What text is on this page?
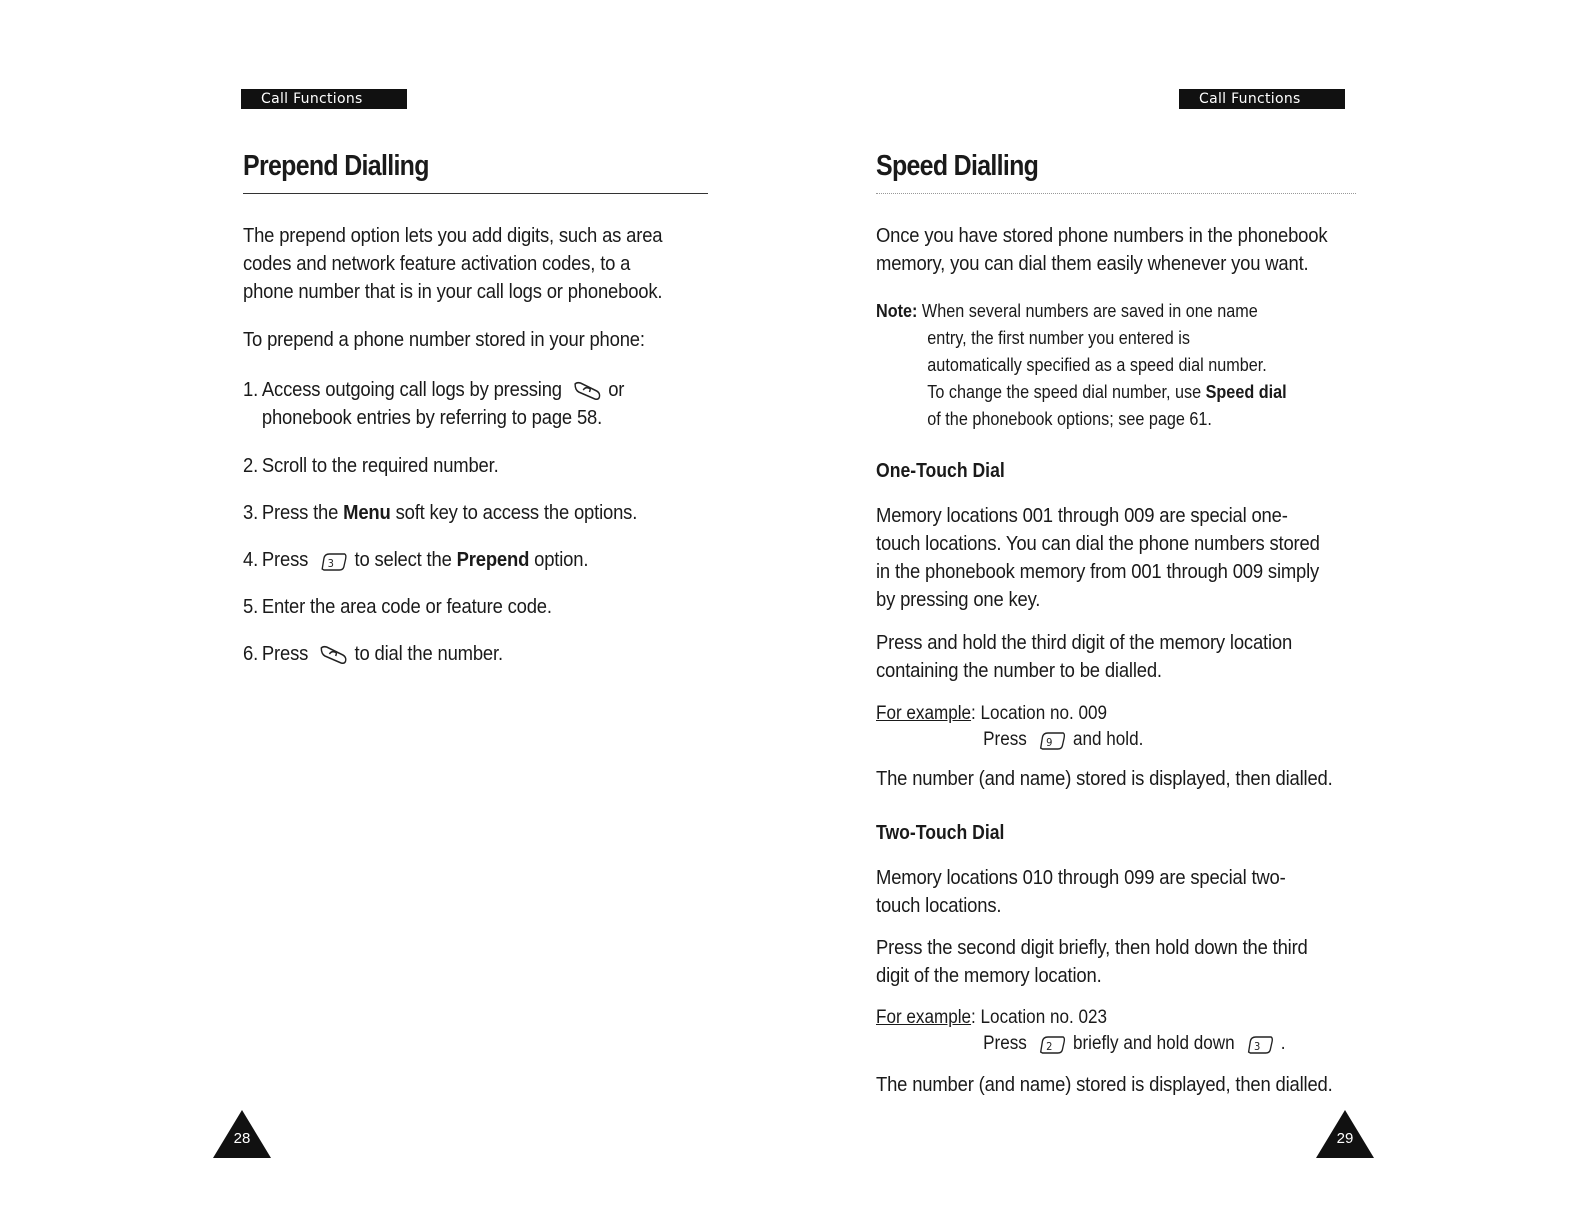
Call Functions
Prepend Dialling

The prepend option lets you add digits, such as area

codes and network feature activation codes, to a

phone number that is in your call logs or phonebook.

To prepend a phone number stored in your phone:
1. Access outgoing call logs by pressing or
phonebook entries by referring to page 58.
2. Scroll to the required number.
3. Press the Menu soft key to access the options.
4. Press 3 to select the Prepend option.
5. Enter the area code or feature code.
6. Press to dial the number.
28
Call Functions
Speed Dialling

Once you have stored phone numbers in the phonebook

memory, you can dial them easily whenever you want.

Note: When several numbers are saved in one name
entry, the first number you entered is
automatically specified as a speed dial number.
To change the speed dial number, use Speed dial
of the phonebook options; see page 61.
One-Touch Dial

Memory locations 001 through 009 are special one-

touch locations. You can dial the phone numbers stored

in the phonebook memory from 001 through 009 simply

by pressing one key.

Press and hold the third digit of the memory location

containing the number to be dialled.

For example: Location no. 009
Press 9 and hold.
The number (and name) stored is displayed, then dialled.
Two-Touch Dial

Memory locations 010 through 099 are special two-

touch locations.

Press the second digit briefly, then hold down the third

digit of the memory location.

For example: Location no. 023
Press 2 briefly and hold down 3 .
The number (and name) stored is displayed, then dialled.
29
